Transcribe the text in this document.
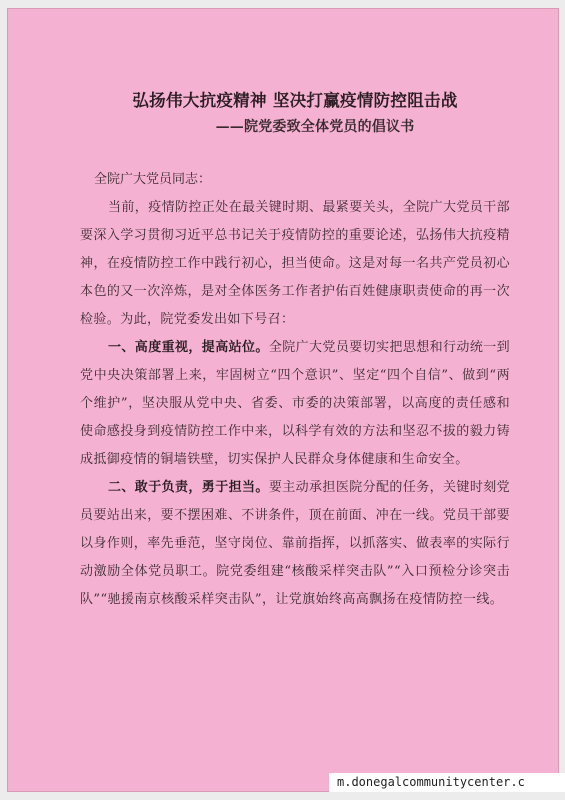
弘扬伟大抗疫精神 坚决打赢疫情防控阻击战
——院党委致全体党员的倡议书

全院广大党员同志：

当前，疫情防控正处在最关键时期、最紧要关头，全院广大党员干部要深入学习贯彻习近平总书记关于疫情防控的重要论述，弘扬伟大抗疫精神，在疫情防控工作中践行初心，担当使命。这是对每一名共产党员初心本色的又一次淬炼，是对全体医务工作者护佑百姓健康职责使命的再一次检验。为此，院党委发出如下号召：

一、高度重视，提高站位。全院广大党员要切实把思想和行动统一到党中央决策部署上来，牢固树立“四个意识”、坚定“四个自信”、做到“两个维护”，坚决服从党中央、省委、市委的决策部署，以高度的责任感和使命感投身到疫情防控工作中来，以科学有效的方法和坚忍不拔的毅力铸成抵御疫情的铜墙铁壁，切实保护人民群众身体健康和生命安全。

二、敢于负责，勇于担当。要主动承担医院分配的任务，关键时刻党员要站出来，要不摆困难、不讲条件，顶在前面、冲在一线。党员干部要以身作则，率先垂范，坚守岗位、靠前指挥，以抓落实、做表率的实际行动激励全体党员职工。院党委组建“核酸采样突击队”“入口预检分诊突击队”“驰援南京核酸采样突击队”，让党旗始终高高飘扬在疫情防控一线。

m.donegalcommunitycenter.c
